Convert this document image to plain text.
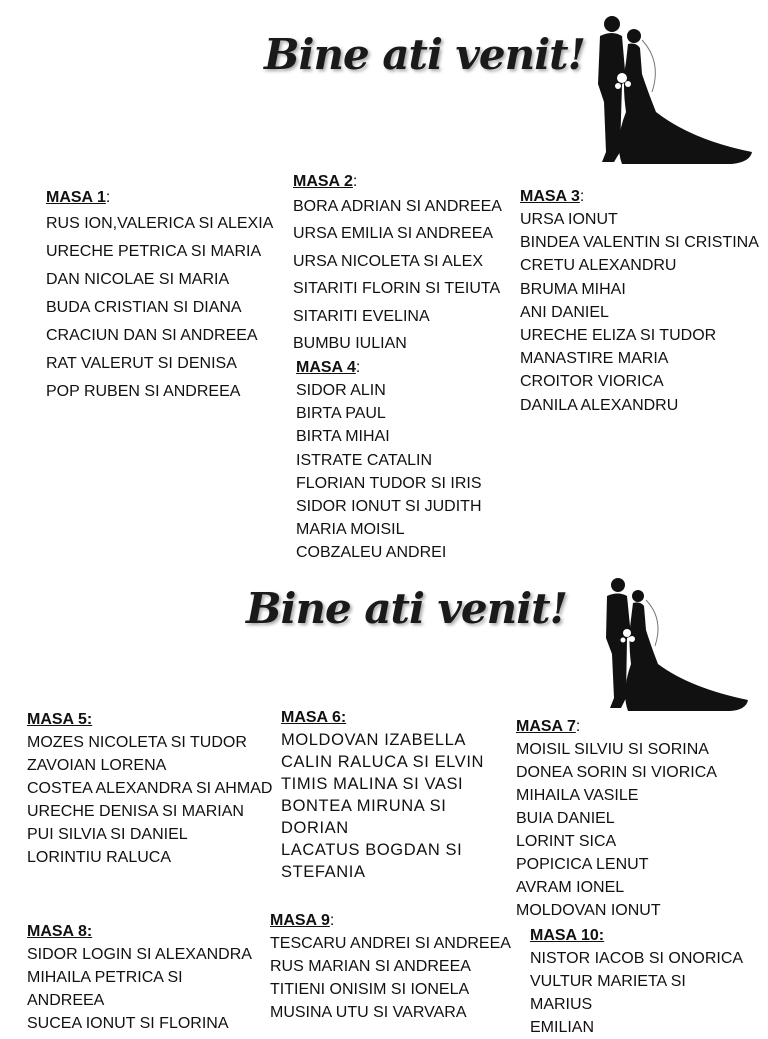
Bine ati venit!
MASA 1:
RUS ION,VALERICA SI ALEXIA
URECHE PETRICA SI MARIA
DAN NICOLAE SI MARIA
BUDA CRISTIAN SI DIANA
CRACIUN DAN SI ANDREEA
RAT VALERUT SI DENISA
POP RUBEN SI ANDREEA
MASA 2:
BORA ADRIAN SI ANDREEA
URSA EMILIA SI ANDREEA
URSA NICOLETA SI ALEX
SITARITI FLORIN SI TEIUTA
SITARITI EVELINA
BUMBU IULIAN
MASA 3:
URSA IONUT
BINDEA VALENTIN SI CRISTINA
CRETU ALEXANDRU
BRUMA MIHAI
ANI DANIEL
URECHE ELIZA SI TUDOR
MANASTIRE MARIA
CROITOR VIORICA
DANILA ALEXANDRU
MASA 4:
SIDOR ALIN
BIRTA PAUL
BIRTA MIHAI
ISTRATE CATALIN
FLORIAN TUDOR SI IRIS
SIDOR IONUT SI JUDITH
MARIA MOISIL
COBZALEU ANDREI
Bine ati venit!
MASA 5:
MOZES NICOLETA SI TUDOR
ZAVOIAN LORENA
COSTEA ALEXANDRA SI AHMAD
URECHE DENISA SI MARIAN
PUI SILVIA SI DANIEL
LORINTIU RALUCA
MASA 6:
MOLDOVAN IZABELLA
CALIN RALUCA SI ELVIN
TIMIS MALINA SI VASI
BONTEA MIRUNA SI
DORIAN
LACATUS BOGDAN SI
STEFANIA
MASA 7:
MOISIL SILVIU SI SORINA
DONEA SORIN SI VIORICA
MIHAILA VASILE
BUIA DANIEL
LORINT SICA
POPICICA LENUT
AVRAM IONEL
MOLDOVAN IONUT
MASA 8:
SIDOR LOGIN SI ALEXANDRA
MIHAILA PETRICA SI
ANDREEA
SUCEA IONUT SI FLORINA
MASA 9:
TESCARU ANDREI SI ANDREEA
RUS MARIAN SI ANDREEA
TITIENI ONISIM SI IONELA
MUSINA UTU SI VARVARA
MASA 10:
NISTOR IACOB SI ONORICA
VULTUR MARIETA SI
MARIUS
EMILIAN
